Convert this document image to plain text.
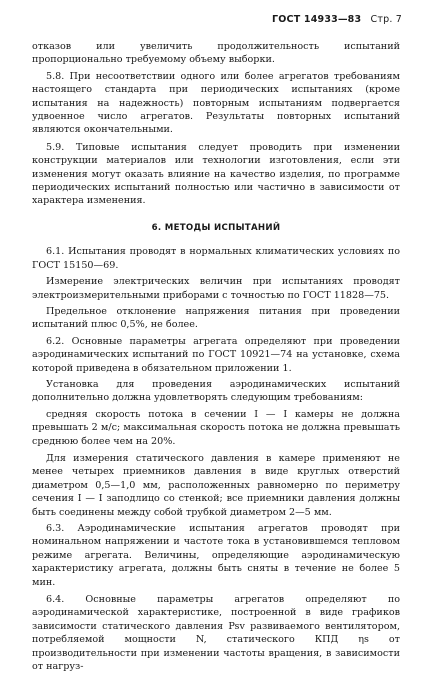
ГОСТ 14933—83 Стр. 7

отказов или увеличить продолжительность испытаний пропорционально требуемому объему выборки.

5.8. При несоответствии одного или более агрегатов требованиям настоящего стандарта при периодических испытаниях (кроме испытания на надежность) повторным испытаниям подвергается удвоенное число агрегатов. Результаты повторных испытаний являются окончательными.

5.9. Типовые испытания следует проводить при изменении конструкции материалов или технологии изготовления, если эти изменения могут оказать влияние на качество изделия, по программе периодических испытаний полностью или частично в зависимости от характера изменения.

6. МЕТОДЫ ИСПЫТАНИЙ

6.1. Испытания проводят в нормальных климатических условиях по ГОСТ 15150—69.

Измерение электрических величин при испытаниях проводят электроизмерительными приборами с точностью по ГОСТ 11828—75.

Предельное отклонение напряжения питания при проведении испытаний плюс 0,5%, не более.

6.2. Основные параметры агрегата определяют при проведении аэродинамических испытаний по ГОСТ 10921—74 на установке, схема которой приведена в обязательном приложении 1.

Установка для проведения аэродинамических испытаний дополнительно должна удовлетворять следующим требованиям:

средняя скорость потока в сечении I — I камеры не должна превышать 2 м/с; максимальная скорость потока не должна превышать среднюю более чем на 20%.

Для измерения статического давления в камере применяют не менее четырех приемников давления в виде круглых отверстий диаметром 0,5—1,0 мм, расположенных равномерно по периметру сечения I — I заподлицо со стенкой; все приемники давления должны быть соединены между собой трубкой диаметром 2—5 мм.

6.3. Аэродинамические испытания агрегатов проводят при номинальном напряжении и частоте тока в установившемся тепловом режиме агрегата. Величины, определяющие аэродинамическую характеристику агрегата, должны быть сняты в течение не более 5 мин.

6.4. Основные параметры агрегатов определяют по аэродинамической характеристике, построенной в виде графиков зависимости статического давления Psv развиваемого вентилятором, потребляемой мощности N, статического КПД ηs от производительности при изменении частоты вращения, в зависимости от нагруз-
